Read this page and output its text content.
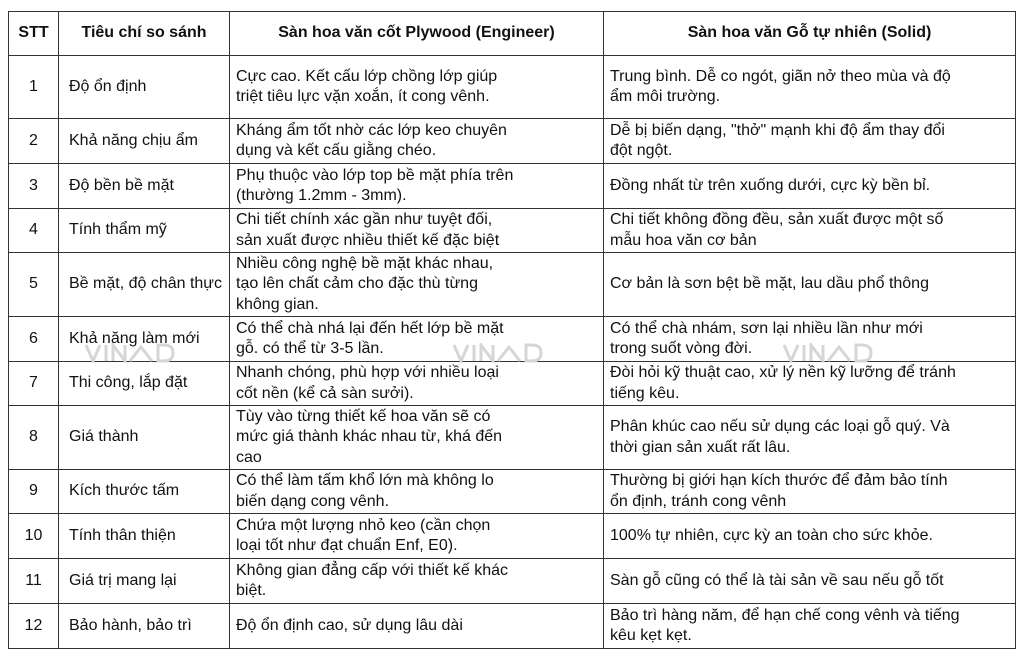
STT	Tiêu chí so sánh	Sàn hoa văn cốt Plywood (Engineer)	Sàn hoa văn Gỗ tự nhiên (Solid)
1	Độ ổn định	Cực cao. Kết cấu lớp chồng lớp giúp
triệt tiêu lực vặn xoắn, ít cong vênh.	Trung bình. Dễ co ngót, giãn nở theo mùa và độ
ẩm môi trường.
2	Khả năng chịu ẩm	Kháng ẩm tốt nhờ các lớp keo chuyên
dụng và kết cấu giằng chéo.	Dễ bị biến dạng, "thở" mạnh khi độ ẩm thay đổi
đột ngột.
3	Độ bền bề mặt	Phụ thuộc vào lớp top bề mặt phía trên
(thường 1.2mm - 3mm).	Đồng nhất từ trên xuống dưới, cực kỳ bền bỉ.
4	Tính thẩm mỹ	Chi tiết chính xác gần như tuyệt đối,
sản xuất được nhiều thiết kế đặc biệt	Chi tiết không đồng đều, sản xuất được một số
mẫu hoa văn cơ bản
5	Bề mặt, độ chân thực	Nhiều công nghệ bề mặt khác nhau,
tạo lên chất cảm cho đặc thù từng
không gian.	Cơ bản là sơn bệt bề mặt, lau dầu phổ thông
6	Khả năng làm mới	Có thể chà nhá lại đến hết lớp bề mặt
gỗ. có thể từ 3-5 lần.	Có thể chà nhám, sơn lại nhiều lần như mới
trong suốt vòng đời.
7	Thi công, lắp đặt	Nhanh chóng, phù hợp với nhiều loại
cốt nền (kể cả sàn sưởi).	Đòi hỏi kỹ thuật cao, xử lý nền kỹ lưỡng để tránh
tiếng kêu.
8	Giá thành	Tùy vào từng thiết kế hoa văn sẽ có
mức giá thành khác nhau từ, khá đến
cao	Phân khúc cao nếu sử dụng các loại gỗ quý. Và
thời gian sản xuất rất lâu.
9	Kích thước tấm	Có thể làm tấm khổ lớn mà không lo
biến dạng cong vênh.	Thường bị giới hạn kích thước để đảm bảo tính
ổn định, tránh cong vênh
10	Tính thân thiện	Chứa một lượng nhỏ keo (cần chọn
loại tốt như đạt chuẩn Enf, E0).	100% tự nhiên, cực kỳ an toàn cho sức khỏe.
11	Giá trị mang lại	Không gian đẳng cấp với thiết kế khác
biệt.	Sàn gỗ cũng có thể là tài sản về sau nếu gỗ tốt
12	Bảo hành, bảo trì	Độ ổn định cao, sử dụng lâu dài	Bảo trì hàng năm, để hạn chế cong vênh và tiếng
kêu kẹt kẹt.
